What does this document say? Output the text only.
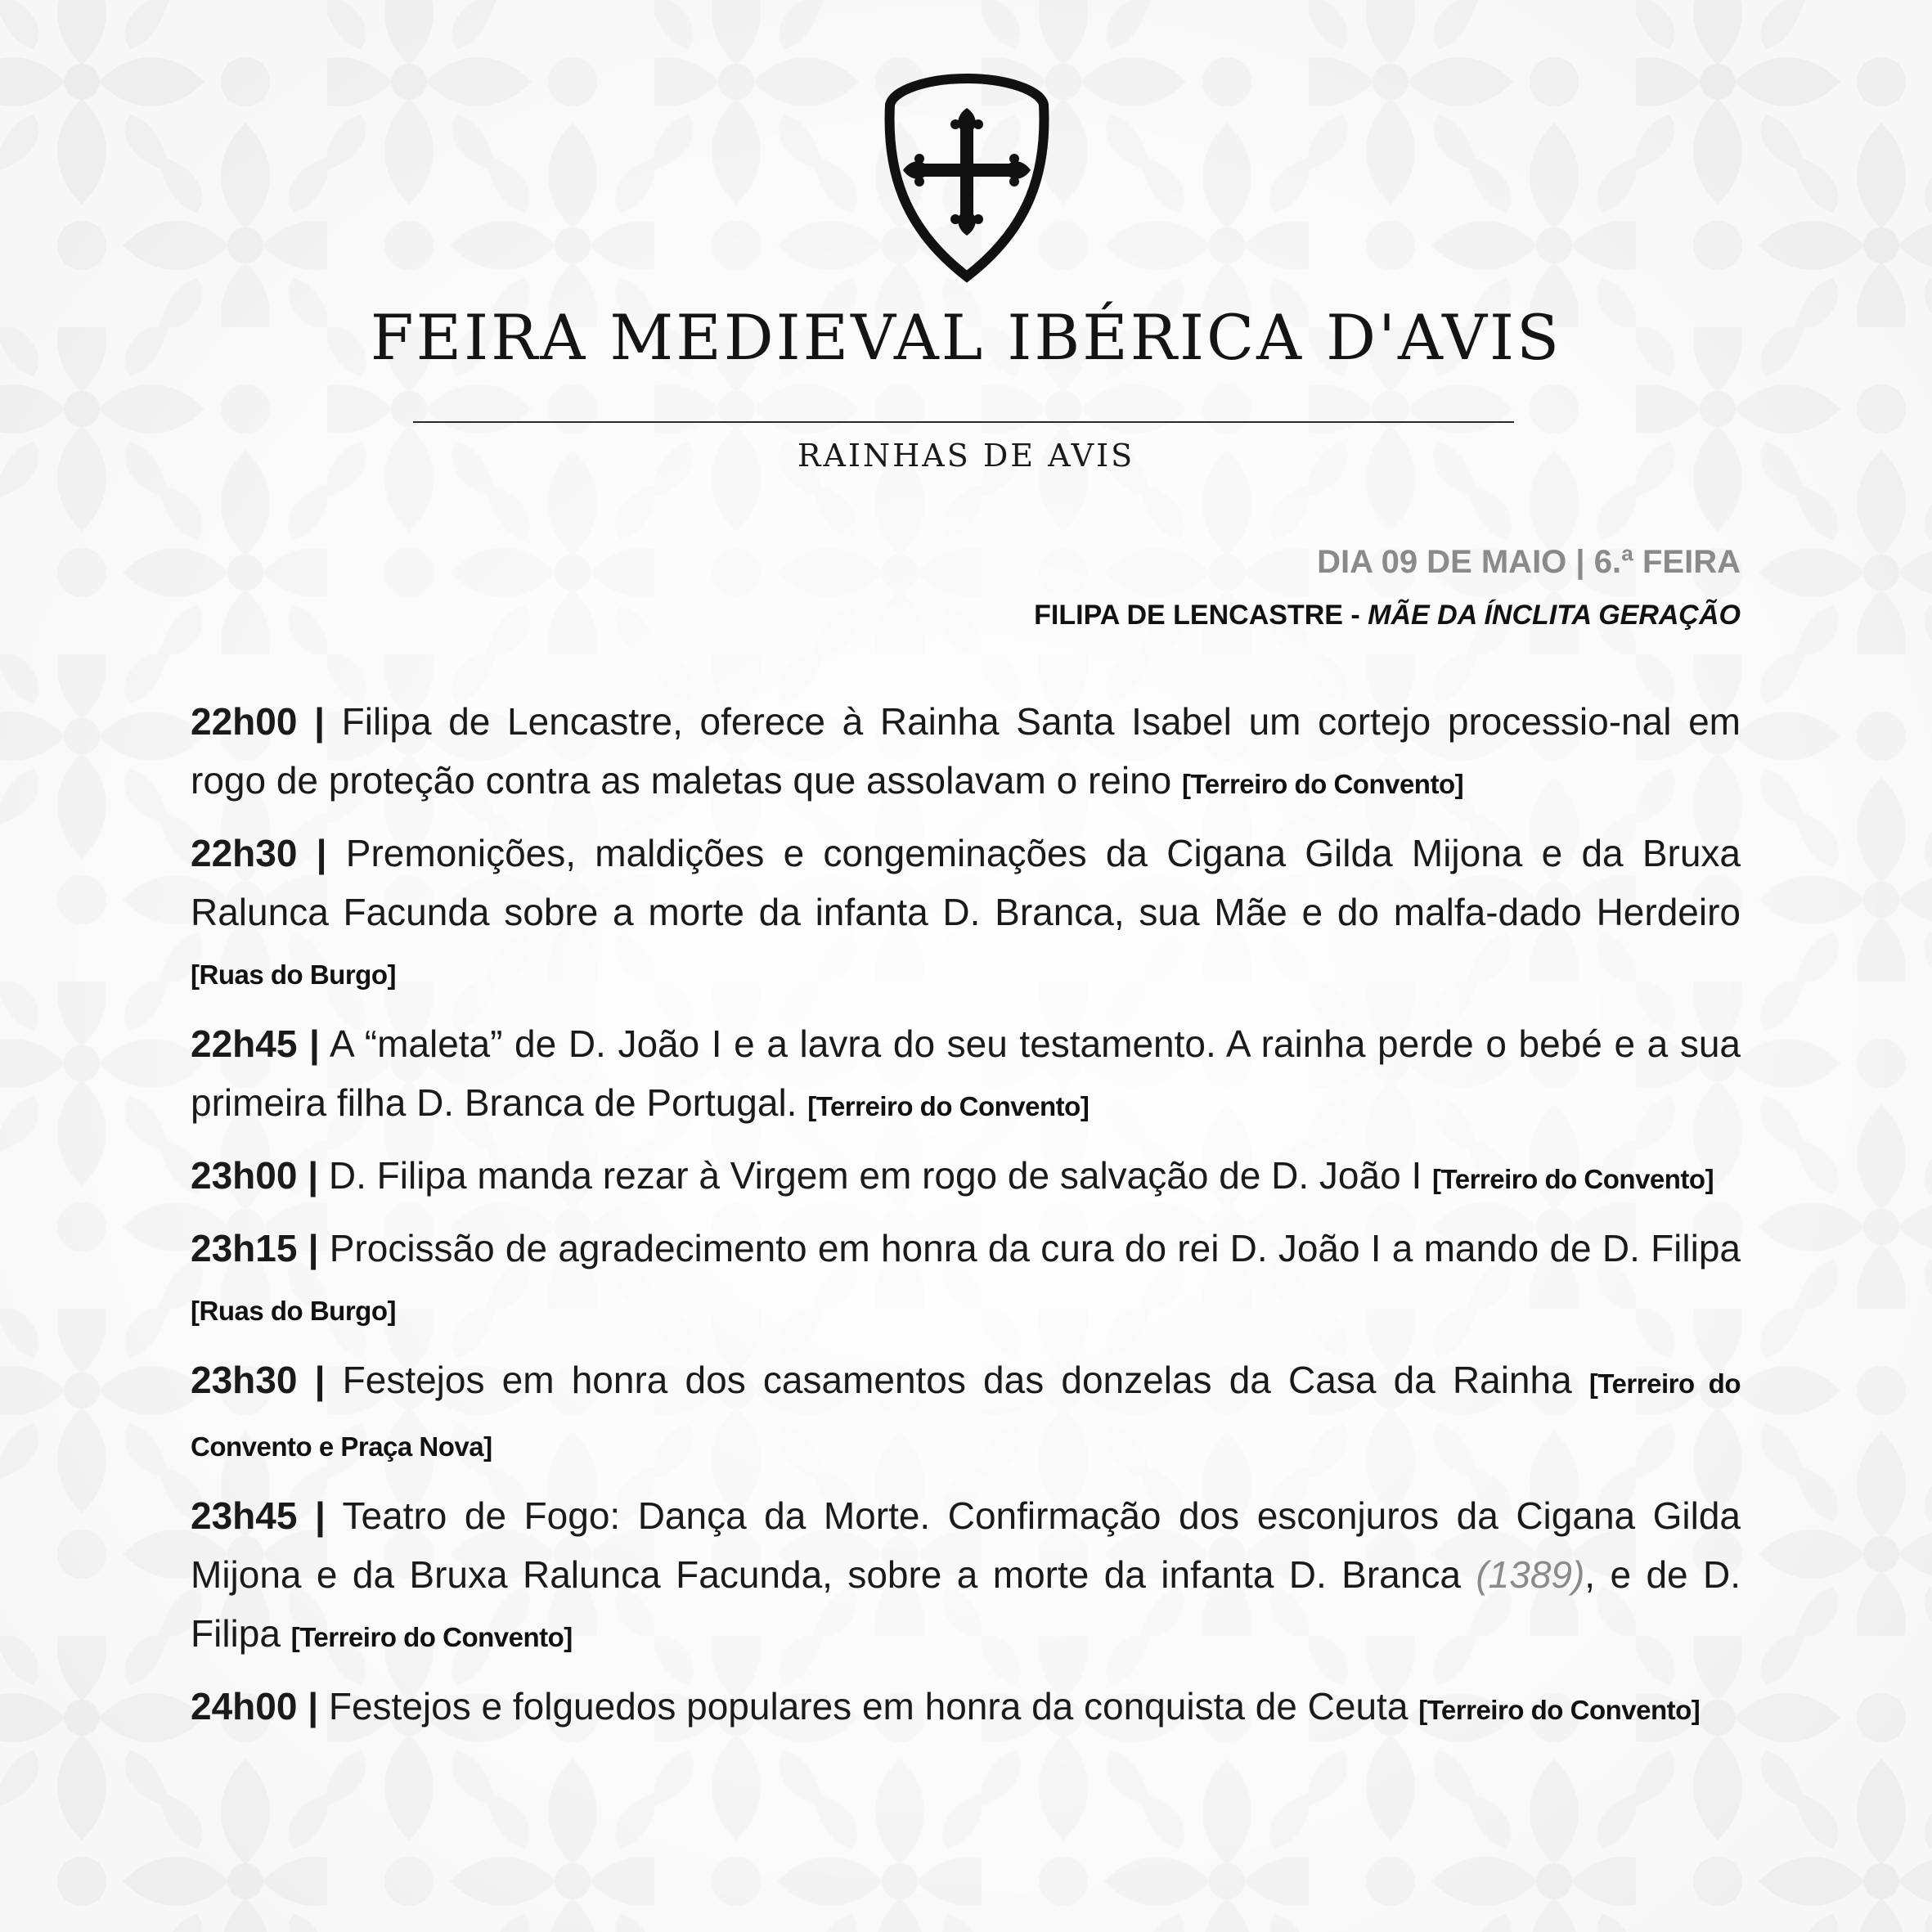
FEIRA MEDIEVAL IBÉRICA D'AVIS
RAINHAS DE AVIS
DIA 09 DE MAIO | 6.ª FEIRA
FILIPA DE LENCASTRE - MÃE DA ÍNCLITA GERAÇÃO

22h00 | Filipa de Lencastre, oferece à Rainha Santa Isabel um cortejo processio-nal em rogo de proteção contra as maletas que assolavam o reino [Terreiro do Convento]

22h30 | Premonições, maldições e congeminações da Cigana Gilda Mijona e da Bruxa Ralunca Facunda sobre a morte da infanta D. Branca, sua Mãe e do malfa-dado Herdeiro [Ruas do Burgo]

22h45 | A “maleta” de D. João I e a lavra do seu testamento. A rainha perde o bebé e a sua primeira filha D. Branca de Portugal. [Terreiro do Convento]

23h00 | D. Filipa manda rezar à Virgem em rogo de salvação de D. João I [Terreiro do Convento]

23h15 | Procissão de agradecimento em honra da cura do rei D. João I a mando de D. Filipa [Ruas do Burgo]

23h30 | Festejos em honra dos casamentos das donzelas da Casa da Rainha [Terreiro do Convento e Praça Nova]

23h45 | Teatro de Fogo: Dança da Morte. Confirmação dos esconjuros da Cigana Gilda Mijona e da Bruxa Ralunca Facunda, sobre a morte da infanta D. Branca (1389), e de D. Filipa [Terreiro do Convento]

24h00 | Festejos e folguedos populares em honra da conquista de Ceuta [Terreiro do Convento]
